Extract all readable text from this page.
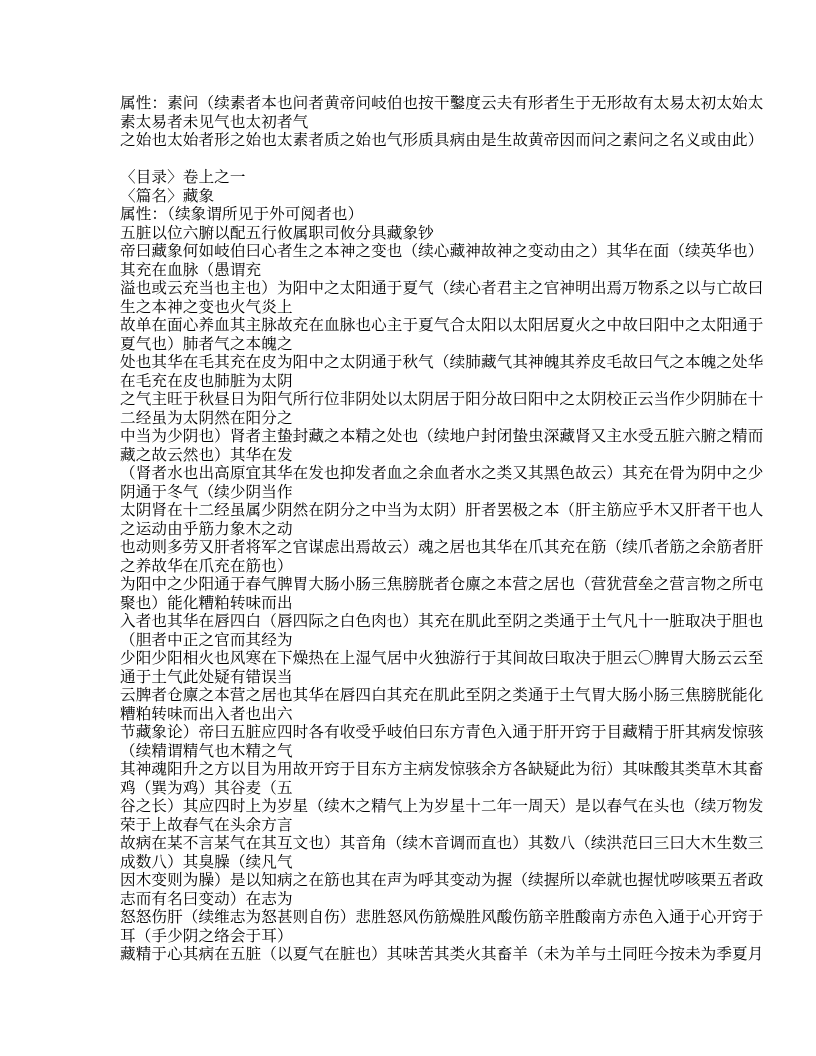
属性：素问（续素者本也问者黄帝问岐伯也按干鑿度云夫有形者生于无形故有太易太初太始太
素太易者未见气也太初者气
之始也太始者形之始也太素者质之始也气形质具病由是生故黄帝因而问之素问之名义或由此）
〈目录〉卷上之一
〈篇名〉藏象
属性：（续象谓所见于外可阅者也）
五脏以位六腑以配五行攸属职司攸分具藏象钞
帝曰藏象何如岐伯曰心者生之本神之变也（续心藏神故神之变动由之）其华在面（续英华也）
其充在血脉（愚谓充
溢也或云充当也主也）为阳中之太阳通于夏气（续心者君主之官神明出焉万物系之以与亡故曰
生之本神之变也火气炎上
故单在面心养血其主脉故充在血脉也心主于夏气合太阳以太阳居夏火之中故曰阳中之太阳通于
夏气也）肺者气之本魄之
处也其华在毛其充在皮为阳中之太阴通于秋气（续肺藏气其神魄其养皮毛故曰气之本魄之处华
在毛充在皮也肺脏为太阴
之气主旺于秋昼日为阳气所行位非阴处以太阴居于阳分故曰阳中之太阴校正云当作少阴肺在十
二经虽为太阴然在阳分之
中当为少阴也）肾者主蛰封藏之本精之处也（续地户封闭蛰虫深藏肾又主水受五脏六腑之精而
藏之故云然也）其华在发
（肾者水也出高原宜其华在发也抑发者血之余血者水之类又其黑色故云）其充在骨为阴中之少
阴通于冬气（续少阴当作
太阴肾在十二经虽属少阴然在阴分之中当为太阴）肝者罢极之本（肝主筋应乎木又肝者干也人
之运动由乎筋力象木之动
也动则多劳又肝者将军之官谋虑出焉故云）魂之居也其华在爪其充在筋（续爪者筋之余筋者肝
之养故华在爪充在筋也）
为阳中之少阳通于春气脾胃大肠小肠三焦膀胱者仓廪之本营之居也（营犹营垒之营言物之所屯
聚也）能化糟粕转味而出
入者也其华在唇四白（唇四际之白色肉也）其充在肌此至阴之类通于土气凡十一脏取决于胆也
（胆者中正之官而其经为
少阳少阳相火也风寒在下燥热在上湿气居中火独游行于其间故曰取决于胆云〇脾胃大肠云云至
通于土气此处疑有错误当
云脾者仓廪之本营之居也其华在唇四白其充在肌此至阴之类通于土气胃大肠小肠三焦膀胱能化
糟粕转味而出入者也出六
节藏象论）帝曰五脏应四时各有收受乎岐伯曰东方青色入通于肝开窍于目藏精于肝其病发惊骇
（续精谓精气也木精之气
其神魂阳升之方以目为用故开窍于目东方主病发惊骇余方各缺疑此为衍）其味酸其类草木其畜
鸡（巽为鸡）其谷麦（五
谷之长）其应四时上为岁星（续木之精气上为岁星十二年一周天）是以春气在头也（续万物发
荣于上故春气在头余方言
故病在某不言某气在其互文也）其音角（续木音调而直也）其数八（续洪范曰三曰大木生数三
成数八）其臭臊（续凡气
因木变则为臊）是以知病之在筋也其在声为呼其变动为握（续握所以牵就也握忧哕咳栗五者政
志而有名曰变动）在志为
怒怒伤肝（续维志为怒甚则自伤）悲胜怒风伤筋燥胜风酸伤筋辛胜酸南方赤色入通于心开窍于
耳（手少阴之络会于耳）
藏精于心其病在五脏（以夏气在脏也）其味苦其类火其畜羊（未为羊与土同旺今按未为季夏月
